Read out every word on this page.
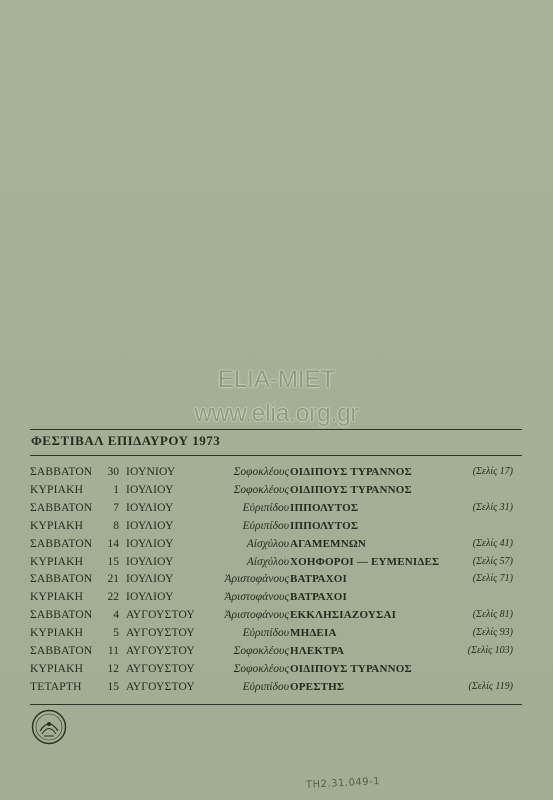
ELIA-MIET
www.elia.org.gr
ΦΕΣΤΙΒΑΛ ΕΠΙΔΑΥΡΟΥ 1973
ΣΑΒΒΑΤΟΝ	30 ΙΟΥΝΙΟΥ	Σοφοκλέους ΟΙΔΙΠΟΥΣ ΤΥΡΑΝΝΟΣ	(Σελίς 17)
ΚΥΡΙΑΚΗ	1 ΙΟΥΛΙΟΥ	Σοφοκλέους ΟΙΔΙΠΟΥΣ ΤΥΡΑΝΝΟΣ
ΣΑΒΒΑΤΟΝ	7 ΙΟΥΛΙΟΥ	Εὐριπίδου ΙΠΠΟΛΥΤΟΣ	(Σελίς 31)
ΚΥΡΙΑΚΗ	8 ΙΟΥΛΙΟΥ	Εὐριπίδου ΙΠΠΟΛΥΤΟΣ
ΣΑΒΒΑΤΟΝ	14 ΙΟΥΛΙΟΥ	Αἰσχύλου ΑΓΑΜΕΜΝΩΝ	(Σελίς 41)
ΚΥΡΙΑΚΗ	15 ΙΟΥΛΙΟΥ	Αἰσχύλου ΧΟΗΦΟΡΟΙ — ΕΥΜΕΝΙΔΕΣ	(Σελίς 57)
ΣΑΒΒΑΤΟΝ	21 ΙΟΥΛΙΟΥ	Ἀριστοφάνους ΒΑΤΡΑΧΟΙ	(Σελίς 71)
ΚΥΡΙΑΚΗ	22 ΙΟΥΛΙΟΥ	Ἀριστοφάνους ΒΑΤΡΑΧΟΙ
ΣΑΒΒΑΤΟΝ	4 ΑΥΓΟΥΣΤΟΥ	Ἀριστοφάνους ΕΚΚΛΗΣΙΑΖΟΥΣΑΙ	(Σελίς 81)
ΚΥΡΙΑΚΗ	5 ΑΥΓΟΥΣΤΟΥ	Εὐριπίδου ΜΗΔΕΙΑ	(Σελίς 93)
ΣΑΒΒΑΤΟΝ	11 ΑΥΓΟΥΣΤΟΥ	Σοφοκλέους ΗΛΕΚΤΡΑ	(Σελίς 103)
ΚΥΡΙΑΚΗ	12 ΑΥΓΟΥΣΤΟΥ	Σοφοκλέους ΟΙΔΙΠΟΥΣ ΤΥΡΑΝΝΟΣ
ΤΕΤΑΡΤΗ	15 ΑΥΓΟΥΣΤΟΥ	Εὐριπίδου ΟΡΕΣΤΗΣ	(Σελίς 119)
ΤΗ2.31.049-1
